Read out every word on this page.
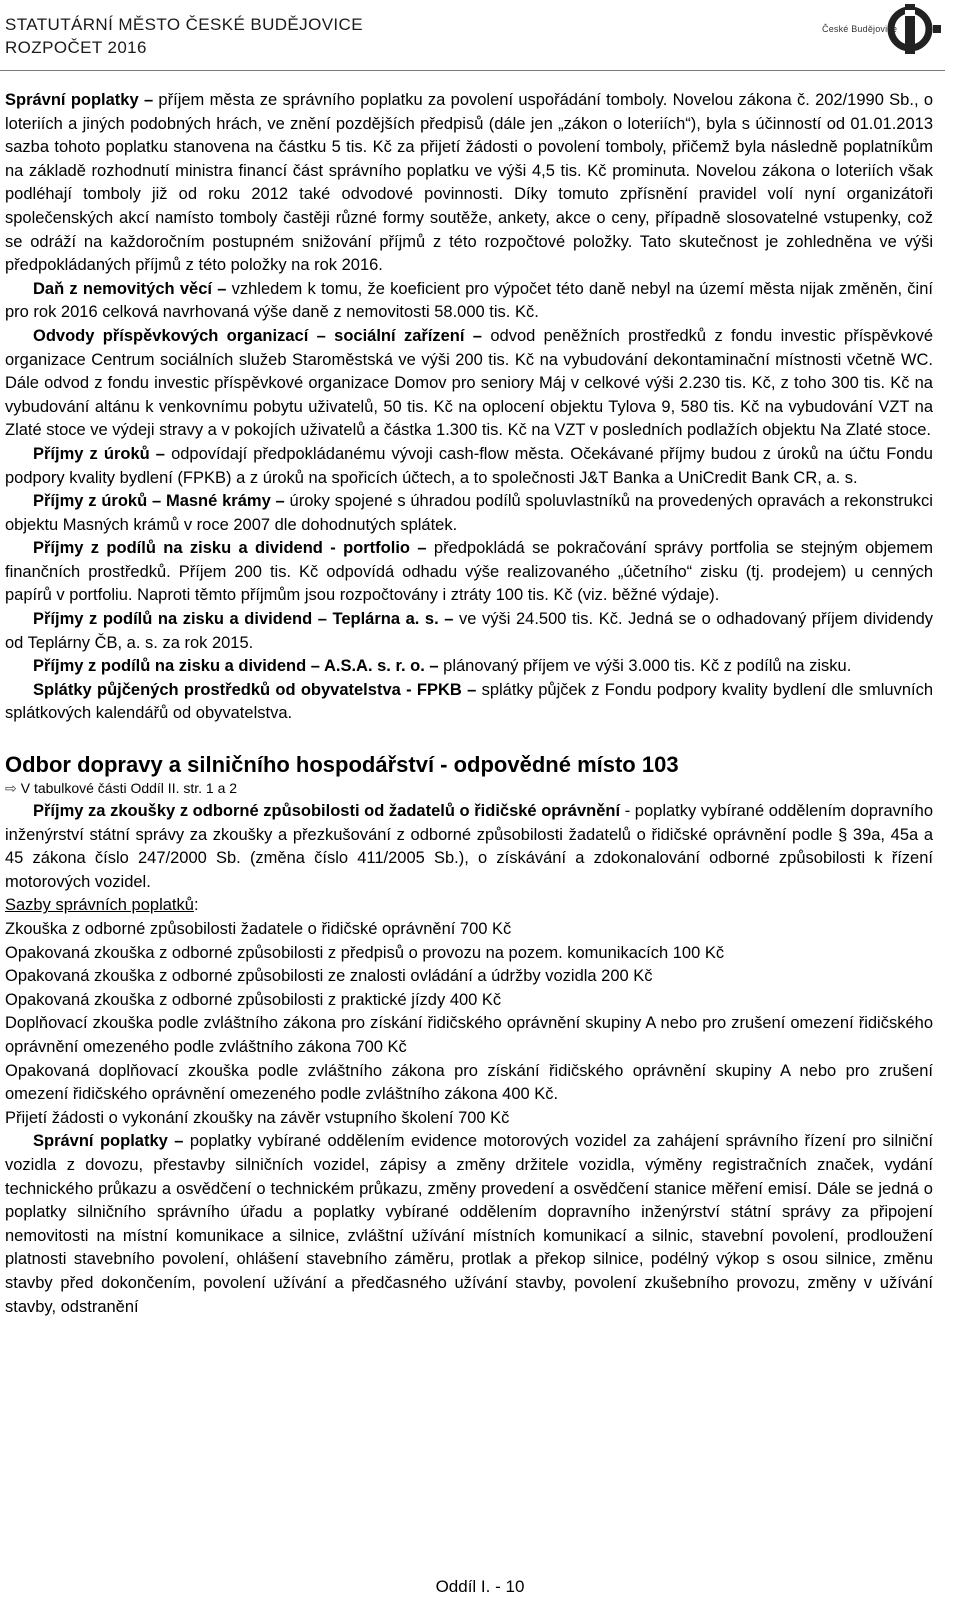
STATUTÁRNÍ MĚSTO ČESKÉ BUDĚJOVICE
ROZPOČET 2016
České Budějovice

Správní poplatky – příjem města ze správního poplatku za povolení uspořádání tomboly. Novelou zákona č. 202/1990 Sb., o loteriích a jiných podobných hrách, ve znění pozdějších předpisů (dále jen „zákon o loteriích“), byla s účinností od 01.01.2013 sazba tohoto poplatku stanovena na částku 5 tis. Kč za přijetí žádosti o povolení tomboly, přičemž byla následně poplatníkům na základě rozhodnutí ministra financí část správního poplatku ve výši 4,5 tis. Kč prominuta. Novelou zákona o loteriích však podléhají tomboly již od roku 2012 také odvodové povinnosti. Díky tomuto zpřísnění pravidel volí nyní organizátoři společenských akcí namísto tomboly častěji různé formy soutěže, ankety, akce o ceny, případně slosovatelné vstupenky, což se odráží na každoročním postupném snižování příjmů z této rozpočtové položky. Tato skutečnost je zohledněna ve výši předpokládaných příjmů z této položky na rok 2016.

Daň z nemovitých věcí – vzhledem k tomu, že koeficient pro výpočet této daně nebyl na území města nijak změněn, činí pro rok 2016 celková navrhovaná výše daně z nemovitosti 58.000 tis. Kč.

Odvody příspěvkových organizací – sociální zařízení – odvod peněžních prostředků z fondu investic příspěvkové organizace Centrum sociálních služeb Staroměstská ve výši 200 tis. Kč na vybudování dekontaminační místnosti včetně WC. Dále odvod z fondu investic příspěvkové organizace Domov pro seniory Máj v celkové výši 2.230 tis. Kč, z toho 300 tis. Kč na vybudování altánu k venkovnímu pobytu uživatelů, 50 tis. Kč na oplocení objektu Tylova 9, 580 tis. Kč na vybudování VZT na Zlaté stoce ve výdeji stravy a v pokojích uživatelů a částka 1.300 tis. Kč na VZT v posledních podlažích objektu Na Zlaté stoce.

Příjmy z úroků – odpovídají předpokládanému vývoji cash-flow města. Očekávané příjmy budou z úroků na účtu Fondu podpory kvality bydlení (FPKB) a z úroků na spořicích účtech, a to společnosti J&T Banka a UniCredit Bank CR, a. s.

Příjmy z úroků – Masné krámy – úroky spojené s úhradou podílů spoluvlastníků na provedených opravách a rekonstrukci objektu Masných krámů v roce 2007 dle dohodnutých splátek.

Příjmy z podílů na zisku a dividend - portfolio – předpokládá se pokračování správy portfolia se stejným objemem finančních prostředků. Příjem 200 tis. Kč odpovídá odhadu výše realizovaného „účetního“ zisku (tj. prodejem) u cenných papírů v portfoliu. Naproti těmto příjmům jsou rozpočtovány i ztráty 100 tis. Kč (viz. běžné výdaje).

Příjmy z podílů na zisku a dividend – Teplárna a. s. – ve výši 24.500 tis. Kč. Jedná se o odhadovaný příjem dividendy od Teplárny ČB, a. s. za rok 2015.

Příjmy z podílů na zisku a dividend – A.S.A. s. r. o. – plánovaný příjem ve výši 3.000 tis. Kč z podílů na zisku.

Splátky půjčených prostředků od obyvatelstva - FPKB – splátky půjček z Fondu podpory kvality bydlení dle smluvních splátkových kalendářů od obyvatelstva.

Odbor dopravy a silničního hospodářství - odpovědné místo 103

⇨ V tabulkové části Oddíl II. str. 1 a 2

Příjmy za zkoušky z odborné způsobilosti od žadatelů o řidičské oprávnění - poplatky vybírané oddělením dopravního inženýrství státní správy za zkoušky a přezkušování z odborné způsobilosti žadatelů o řidičské oprávnění podle § 39a, 45a a 45 zákona číslo 247/2000 Sb. (změna číslo 411/2005 Sb.), o získávání a zdokonalování odborné způsobilosti k řízení motorových vozidel.

Sazby správních poplatků:

Zkouška z odborné způsobilosti žadatele o řidičské oprávnění 700 Kč

Opakovaná zkouška z odborné způsobilosti z předpisů o provozu na pozem. komunikacích 100 Kč

Opakovaná zkouška z odborné způsobilosti ze znalosti ovládání a údržby vozidla 200 Kč

Opakovaná zkouška z odborné způsobilosti z praktické jízdy 400 Kč

Doplňovací zkouška podle zvláštního zákona pro získání řidičského oprávnění skupiny A nebo pro zrušení omezení řidičského oprávnění omezeného podle zvláštního zákona 700 Kč

Opakovaná doplňovací zkouška podle zvláštního zákona pro získání řidičského oprávnění skupiny A nebo pro zrušení omezení řidičského oprávnění omezeného podle zvláštního zákona 400 Kč.

Přijetí žádosti o vykonání zkoušky na závěr vstupního školení 700 Kč

Správní poplatky – poplatky vybírané oddělením evidence motorových vozidel za zahájení správního řízení pro silniční vozidla z dovozu, přestavby silničních vozidel, zápisy a změny držitele vozidla, výměny registračních značek, vydání technického průkazu a osvědčení o technickém průkazu, změny provedení a osvědčení stanice měření emisí. Dále se jedná o poplatky silničního správního úřadu a poplatky vybírané oddělením dopravního inženýrství státní správy za připojení nemovitosti na místní komunikace a silnice, zvláštní užívání místních komunikací a silnic, stavební povolení, prodloužení platnosti stavebního povolení, ohlášení stavebního záměru, protlak a překop silnice, podélný výkop s osou silnice, změnu stavby před dokončením, povolení užívání a předčasného užívání stavby, povolení zkušebního provozu, změny v užívání stavby, odstranění

Oddíl I. - 10
